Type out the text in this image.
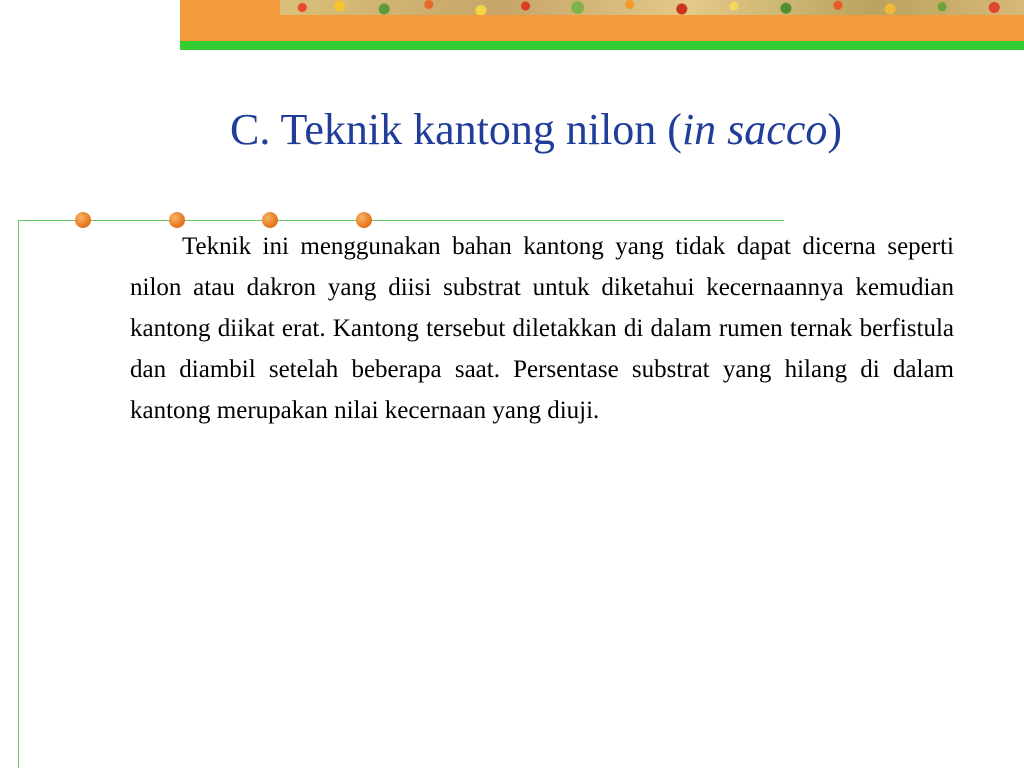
C. Teknik kantong nilon (in sacco)

Teknik ini menggunakan bahan kantong yang tidak dapat dicerna seperti nilon atau dakron yang diisi substrat untuk diketahui kecernaannya kemudian kantong diikat erat. Kantong tersebut diletakkan di dalam rumen ternak berfistula dan diambil setelah beberapa saat. Persentase substrat yang hilang di dalam kantong merupakan nilai kecernaan yang diuji.
